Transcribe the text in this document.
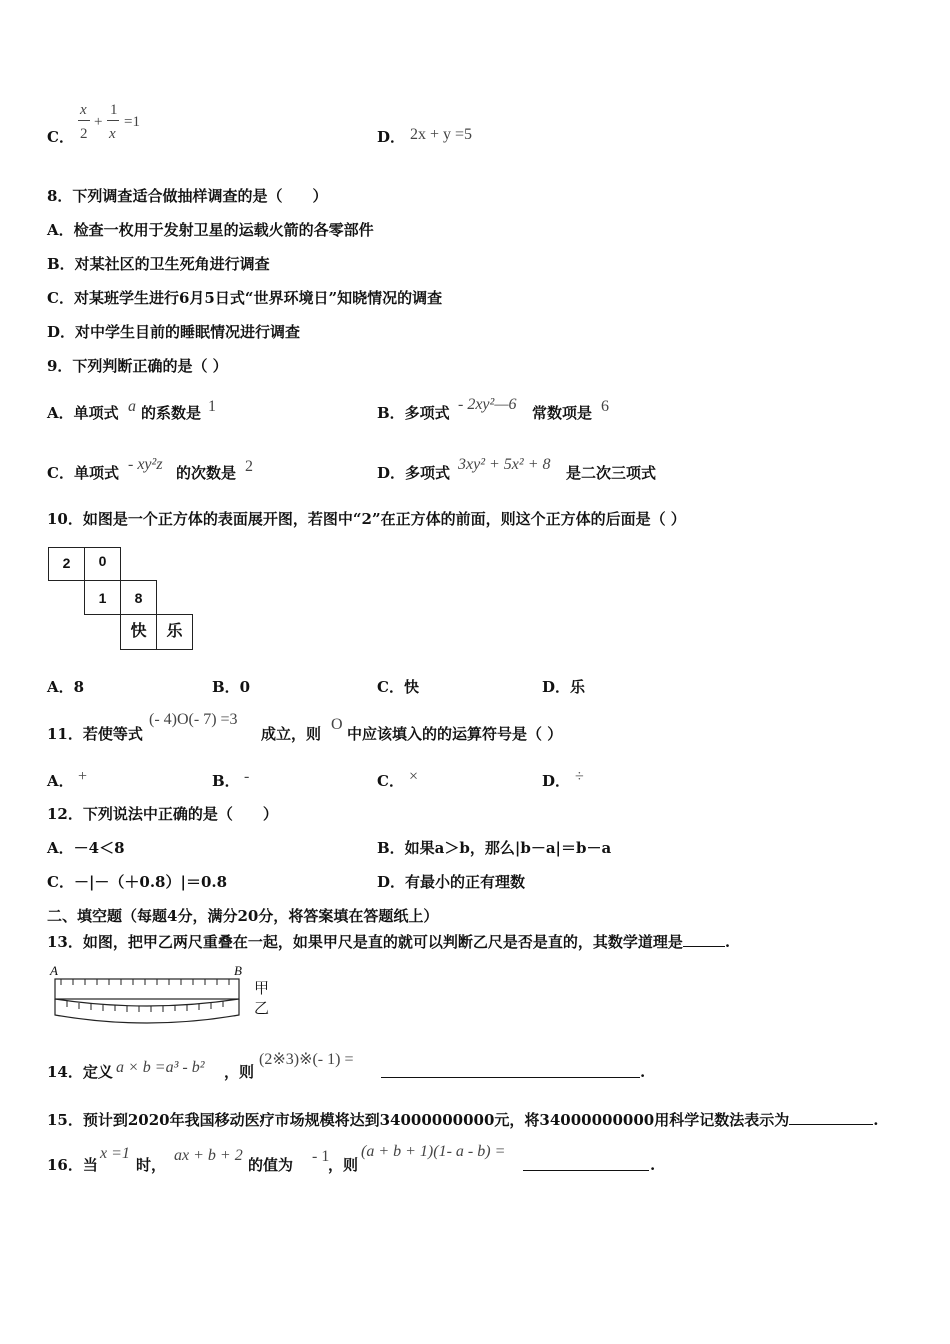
C．
x
2
+
1
x
=1
D． 2x + y =5
8．下列调查适合做抽样调查的是（　　）
A．检查一枚用于发射卫星的运载火箭的各零部件
B．对某社区的卫生死角进行调查
C．对某班学生进行6月5日式“世界环境日”知晓情况的调查
D．对中学生目前的睡眠情况进行调查
9．下列判断正确的是（ ）
A．单项式 a 的系数是 1	B．多项式 - 2xy²—6 常数项是 6
C．单项式 - xy²z 的次数是 2	D．多项式 3xy² + 5x² + 8 是二次三项式
10．如图是一个正方体的表面展开图，若图中“2”在正方体的前面，则这个正方体的后面是（ ）
2	0
1	8
快	乐
A．8	B．0	C．快	D．乐
11．若使等式
(- 4)O(- 7) =3
成立，则
O
中应该填入的的运算符号是（ ）
A． +	B． -	C． ×	D． ÷
12．下列说法中正确的是（　　）
A．－4＜8	B．如果a＞b，那么|b－a|＝b－a
C．－|－（＋0.8）|＝0.8	D．有最小的正有理数
二、填空题（每题4分，满分20分，将答案填在答题纸上）
13．如图，把甲乙两尺重叠在一起，如果甲尺是直的就可以判断乙尺是否是直的，其数学道理是	.
A	B
甲
乙
14．定义 a × b =a³ - b² ，则
(2※3)※(- 1) =
.
15．预计到2020年我国移动医疗市场规模将达到34000000000元，将34000000000用科学记数法表示为	.
16．当
x =1
时，
ax + b + 2
的值为 - 1
，则
(a + b + 1)(1- a - b) =
.
